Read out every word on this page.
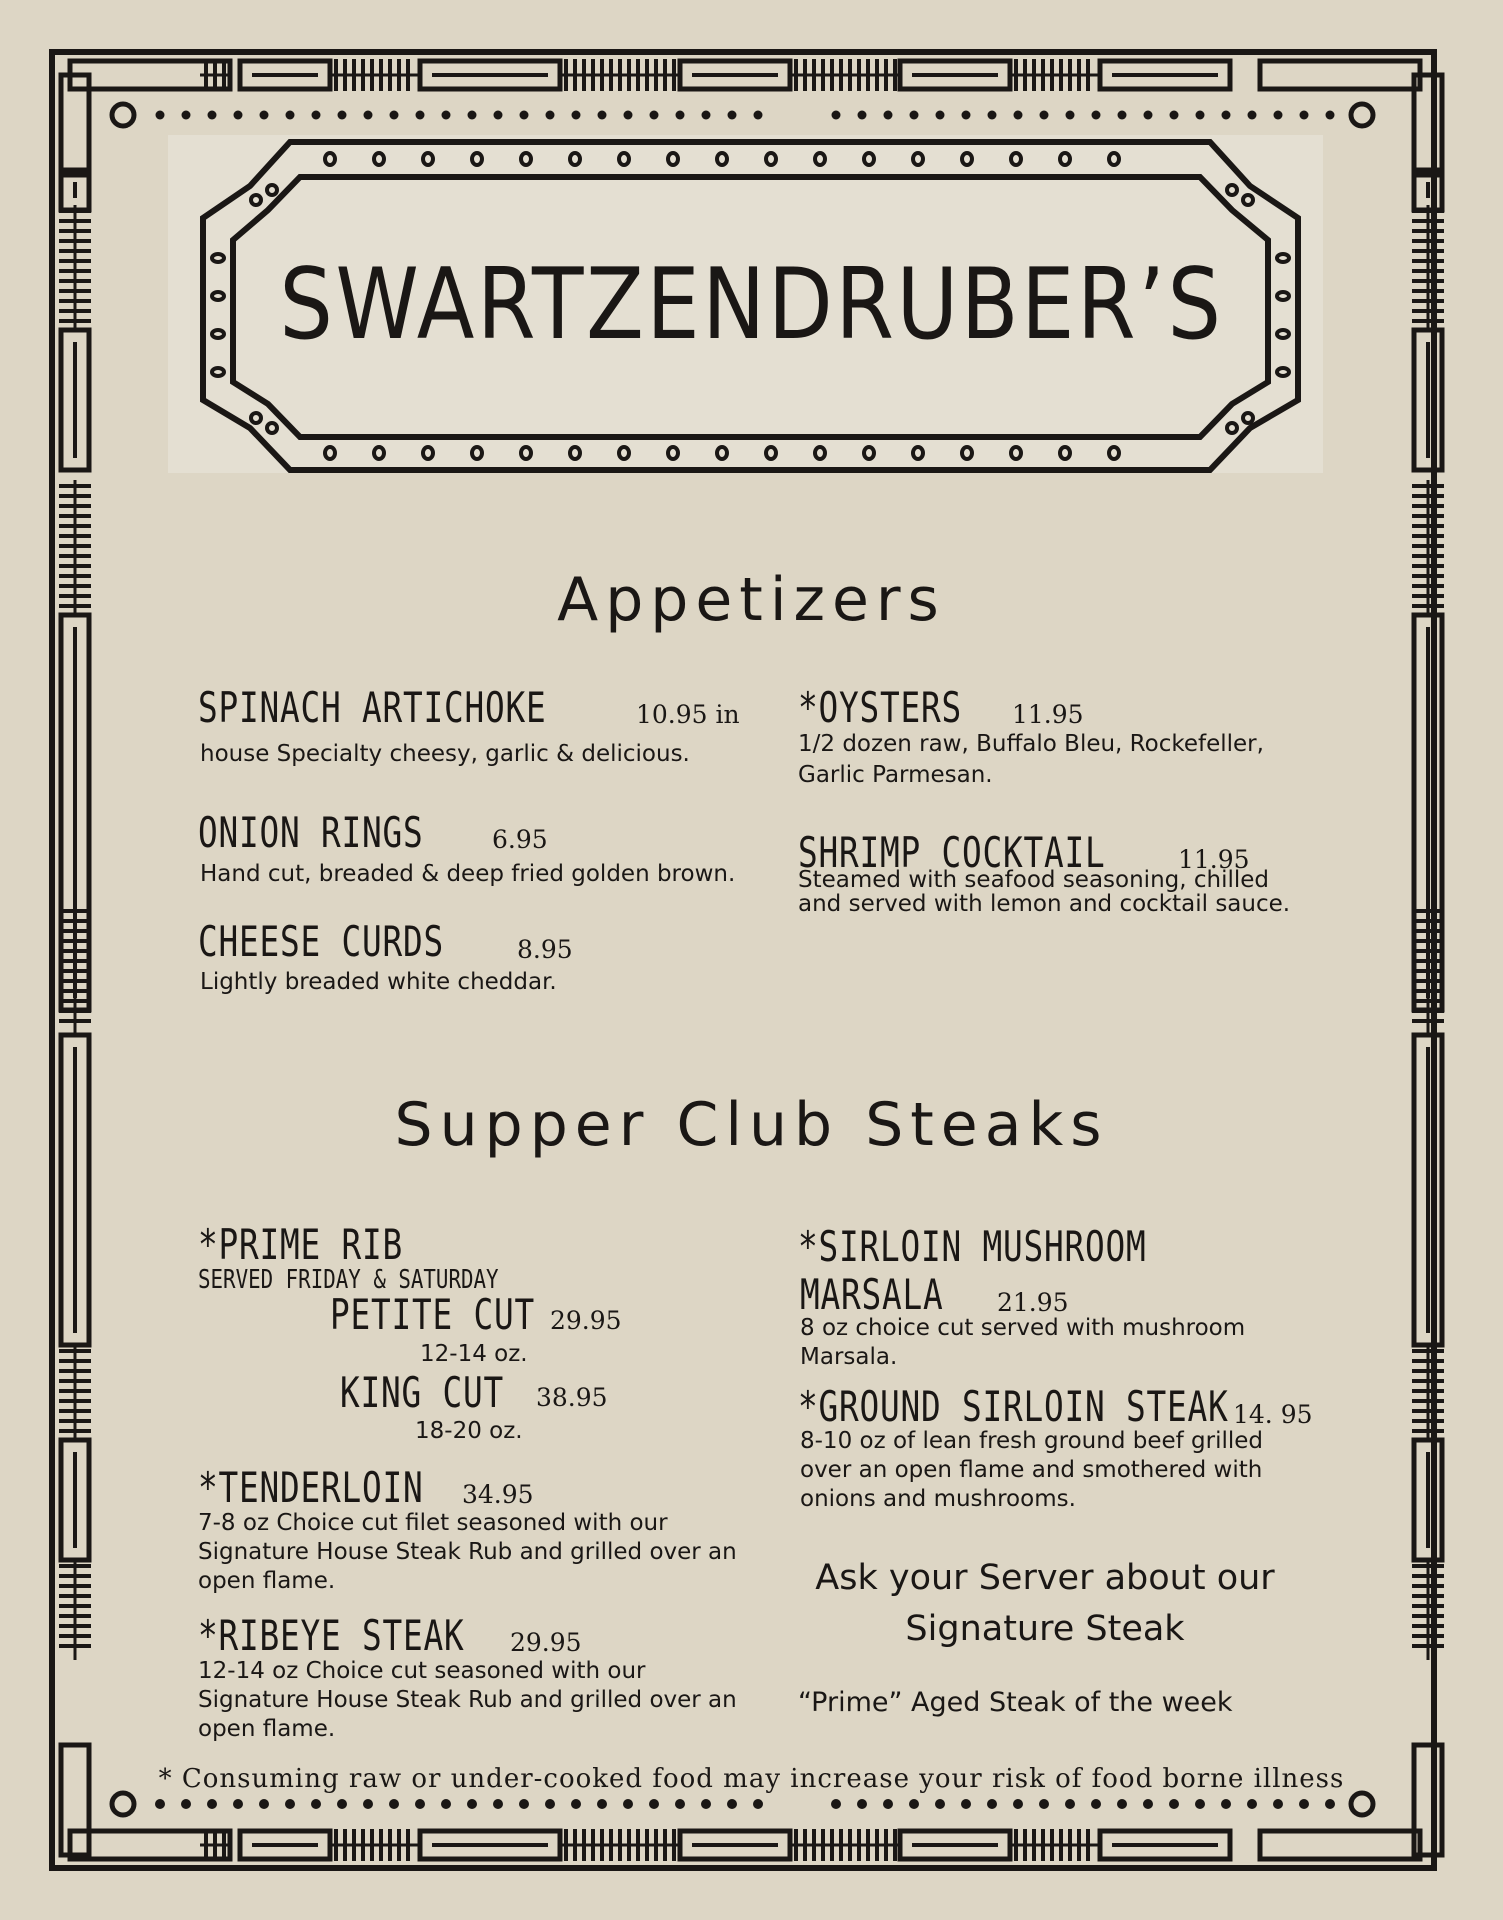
SWARTZENDRUBER’S
Appetizers
SPINACH ARTICHOKE	10.95 in
house Specialty cheesy, garlic & delicious.
ONION RINGS	6.95
Hand cut, breaded & deep fried golden brown.
CHEESE CURDS	8.95
Lightly breaded white cheddar.
*OYSTERS 11.95
1/2 dozen raw, Buffalo Bleu, Rockefeller,
Garlic Parmesan.
SHRIMP COCKTAIL	11.95
Steamed with seafood seasoning, chilled
and served with lemon and cocktail sauce.
Supper Club Steaks
*PRIME RIB
SERVED FRIDAY & SATURDAY
PETITE CUT 29.95
12-14 oz.
KING CUT 38.95
18-20 oz.
*TENDERLOIN 34.95
7-8 oz Choice cut filet seasoned with our
Signature House Steak Rub and grilled over an
open flame.
*RIBEYE STEAK 29.95
12-14 oz Choice cut seasoned with our
Signature House Steak Rub and grilled over an
open flame.
*SIRLOIN MUSHROOM
MARSALA 21.95
8 oz choice cut served with mushroom
Marsala.
*GROUND SIRLOIN STEAK 14. 95
8-10 oz of lean fresh ground beef grilled
over an open flame and smothered with
onions and mushrooms.
Ask your Server about our
Signature Steak
“Prime” Aged Steak of the week
* Consuming raw or under-cooked food may increase your risk of food borne illness
